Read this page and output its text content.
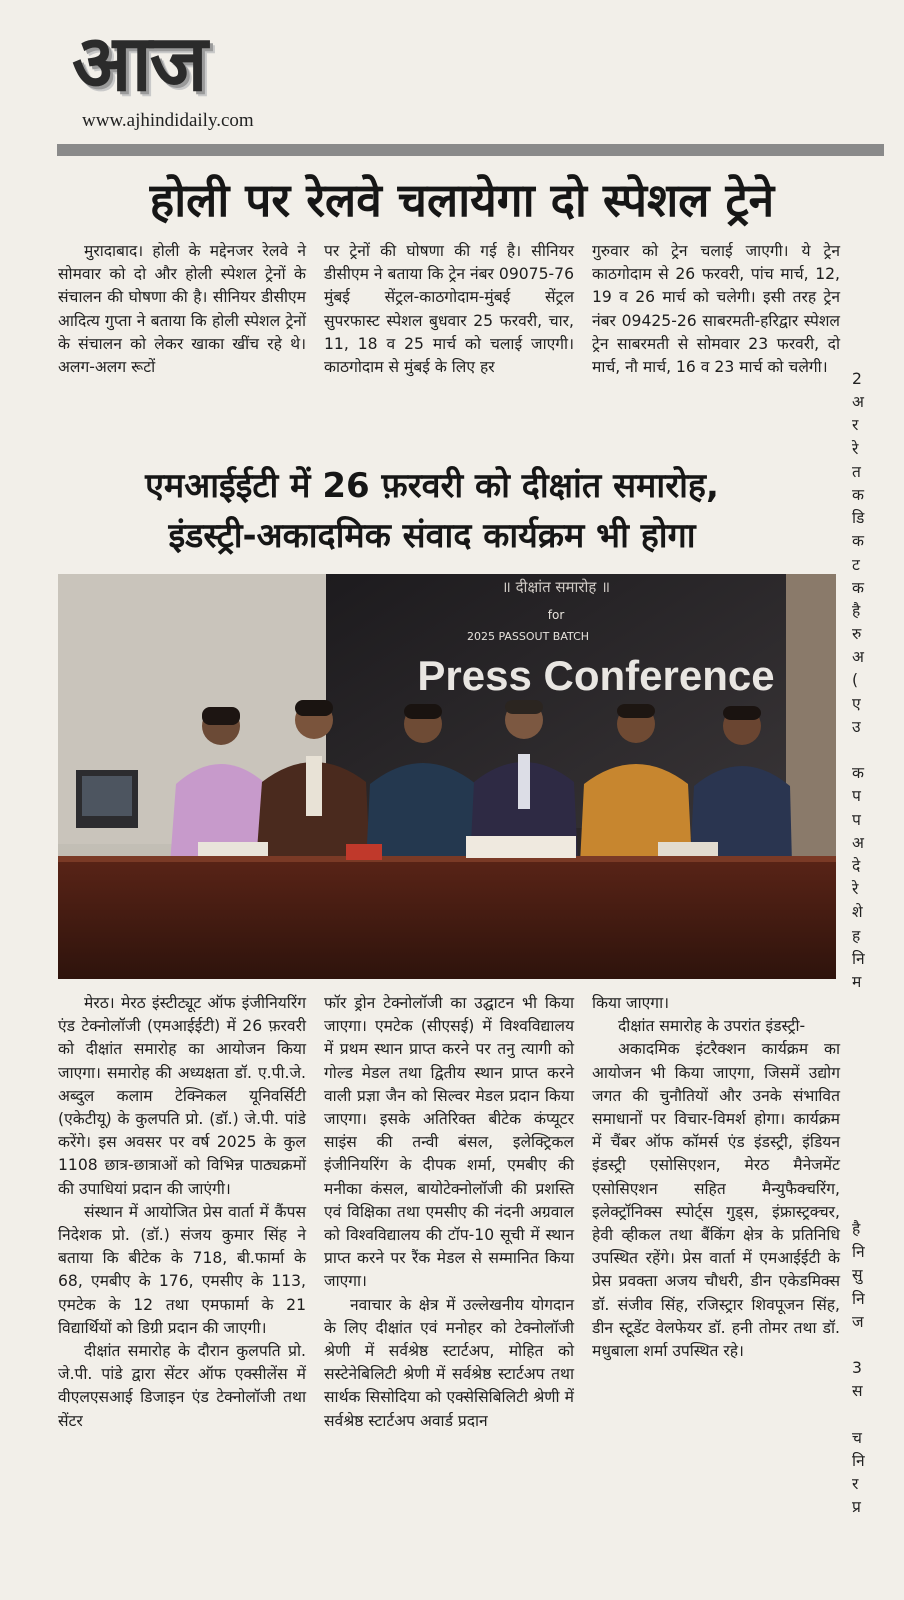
आज
www.ajhindidaily.com
होली पर रेलवे चलायेगा दो स्पेशल ट्रेने

मुरादाबाद। होली के मद्देनजर रेलवे ने सोमवार को दो और होली स्पेशल ट्रेनों के संचालन की घोषणा की है। सीनियर डीसीएम आदित्य गुप्ता ने बताया कि होली स्पेशल ट्रेनों के संचालन को लेकर खाका खींच रहे थे। अलग-अलग रूटों

पर ट्रेनों की घोषणा की गई है। सीनियर डीसीएम ने बताया कि ट्रेन नंबर 09075-76 मुंबई सेंट्रल-काठगोदाम-मुंबई सेंट्रल सुपरफास्ट स्पेशल बुधवार 25 फरवरी, चार, 11, 18 व 25 मार्च को चलाई जाएगी। काठगोदाम से मुंबई के लिए हर

गुरुवार को ट्रेन चलाई जाएगी। ये ट्रेन काठगोदाम से 26 फरवरी, पांच मार्च, 12, 19 व 26 मार्च को चलेगी। इसी तरह ट्रेन नंबर 09425-26 साबरमती-हरिद्वार स्पेशल ट्रेन साबरमती से सोमवार 23 फरवरी, दो मार्च, नौ मार्च, 16 व 23 मार्च को चलेगी।

2
अ
र
रे
त
क
डि
क
ट
क
है
रु
अ
(
ए
उ
क
प
प
अ
दे
रे
शे
ह
नि
म
है
नि
सु
नि
ज
3
स
च
नि
र
प्र
एमआईईटी में 26 फ़रवरी को दीक्षांत समारोह,
इंडस्ट्री-अकादमिक संवाद कार्यक्रम भी होगा
॥ दीक्षांत समारोह ॥
for
2025 PASSOUT BATCH
Press Conference

मेरठ। मेरठ इंस्टीट्यूट ऑफ इंजीनियरिंग एंड टेक्नोलॉजी (एमआईईटी) में 26 फ़रवरी को दीक्षांत समारोह का आयोजन किया जाएगा। समारोह की अध्यक्षता डॉ. ए.पी.जे. अब्दुल कलाम टेक्निकल यूनिवर्सिटी (एकेटीयू) के कुलपति प्रो. (डॉ.) जे.पी. पांडे करेंगे। इस अवसर पर वर्ष 2025 के कुल 1108 छात्र-छात्राओं को विभिन्न पाठ्यक्रमों की उपाधियां प्रदान की जाएंगी।

संस्थान में आयोजित प्रेस वार्ता में कैंपस निदेशक प्रो. (डॉ.) संजय कुमार सिंह ने बताया कि बीटेक के 718, बी.फार्मा के 68, एमबीए के 176, एमसीए के 113, एमटेक के 12 तथा एमफार्मा के 21 विद्यार्थियों को डिग्री प्रदान की जाएगी।

दीक्षांत समारोह के दौरान कुलपति प्रो. जे.पी. पांडे द्वारा सेंटर ऑफ एक्सीलेंस में वीएलएसआई डिजाइन एंड टेक्नोलॉजी तथा सेंटर

फॉर ड्रोन टेक्नोलॉजी का उद्घाटन भी किया जाएगा। एमटेक (सीएसई) में विश्वविद्यालय में प्रथम स्थान प्राप्त करने पर तनु त्यागी को गोल्ड मेडल तथा द्वितीय स्थान प्राप्त करने वाली प्रज्ञा जैन को सिल्वर मेडल प्रदान किया जाएगा। इसके अतिरिक्त बीटेक कंप्यूटर साइंस की तन्वी बंसल, इलेक्ट्रिकल इंजीनियरिंग के दीपक शर्मा, एमबीए की मनीका कंसल, बायोटेक्नोलॉजी की प्रशस्ति एवं विक्षिका तथा एमसीए की नंदनी अग्रवाल को विश्वविद्यालय की टॉप-10 सूची में स्थान प्राप्त करने पर रैंक मेडल से सम्मानित किया जाएगा।

नवाचार के क्षेत्र में उल्लेखनीय योगदान के लिए दीक्षांत एवं मनोहर को टेक्नोलॉजी श्रेणी में सर्वश्रेष्ठ स्टार्टअप, मोहित को सस्टेनेबिलिटी श्रेणी में सर्वश्रेष्ठ स्टार्टअप तथा सार्थक सिसोदिया को एक्सेसिबिलिटी श्रेणी में सर्वश्रेष्ठ स्टार्टअप अवार्ड प्रदान

किया जाएगा।

दीक्षांत समारोह के उपरांत इंडस्ट्री-

अकादमिक इंटरैक्शन कार्यक्रम का आयोजन भी किया जाएगा, जिसमें उद्योग जगत की चुनौतियों और उनके संभावित समाधानों पर विचार-विमर्श होगा। कार्यक्रम में चैंबर ऑफ कॉमर्स एंड इंडस्ट्री, इंडियन इंडस्ट्री एसोसिएशन, मेरठ मैनेजमेंट एसोसिएशन सहित मैन्युफैक्चरिंग, इलेक्ट्रॉनिक्स स्पोर्ट्स गुड्स, इंफ्रास्ट्रक्चर, हेवी व्हीकल तथा बैंकिंग क्षेत्र के प्रतिनिधि उपस्थित रहेंगे। प्रेस वार्ता में एमआईईटी के प्रेस प्रवक्ता अजय चौधरी, डीन एकेडमिक्स डॉ. संजीव सिंह, रजिस्ट्रार शिवपूजन सिंह, डीन स्टूडेंट वेलफेयर डॉ. हनी तोमर तथा डॉ. मधुबाला शर्मा उपस्थित रहे।
